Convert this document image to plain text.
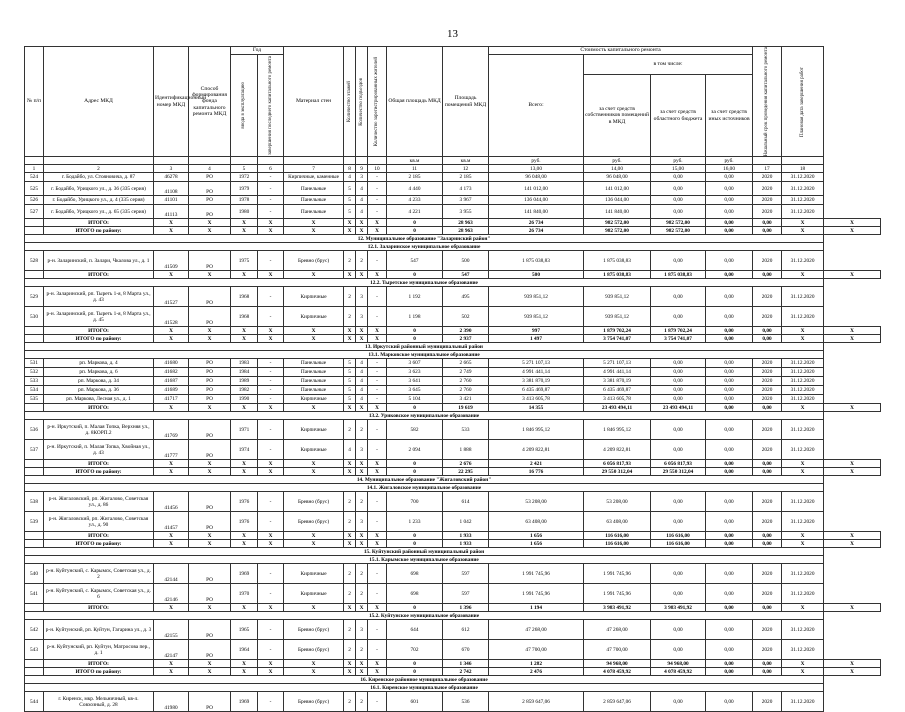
13
№ п/п	Адрес МКД	Идентификационный номер МКД	Способ формирования фонда капитального ремонта МКД	Год		Материал стен	Количество этажей	Количество подъездов	Количество зарегистрированных жителей	Общая площадь МКД	Площадь помещений МКД	Стоимость капитального ремонта				Начальный срок проведения капитального ремонта	Плановая дата завершения работ	

				ввода в эксплуатацию	завершения последнего капитального ремонта							Всего:	в том числе:					
													за счет средств собственников помещений в МКД	за счет средств областного бюджета	за счет средств иных источников			
										кв.м	кв.м	руб.	руб.	руб.	руб.			
1	2	3	4	5	6	7	8	9	10	11	12	13,00	14,00	15,00	16,00	17	18	
524	г. Бодайбо, ул. Стояновича, д. 87	46278	РО	1972	-	Кирпичные, каменные	4	3	-	2 185	2 185	96 048,00	96 048,00	0,00	0,00	2020	31.12.2020	
525	г. Бодайбо, Урицкого ул., д. 36 (335 серия)	41108	РО	1979	-	Панельные	5	4	-	4 440	4 173	141 012,00	141 012,00	0,00	0,00	2020	31.12.2020	
526	г. Бодайбо, Урицкого ул., д. 4 (335 серия)	41101	РО	1978	-	Панельные	5	4	-	4 233	3 967	136 044,00	136 044,00	0,00	0,00	2020	31.12.2020	
527	г. Бодайбо, Урицкого ул., д. 65 (335 серия)	41113	РО	1980	-	Панельные	5	4	-	4 221	3 955	141 840,00	141 840,00	0,00	0,00	2020	31.12.2020	
	ИТОГО:	X	X	X	X	X	X	X	X	0	28 963	26 734	982 572,00	982 572,00	0,00	0,00	X	X
	ИТОГО по району:	X	X	X	X	X	X	X	X	0	28 963	26 734	982 572,00	982 572,00	0,00	0,00	X	X
12. Муниципальное образование "Заларинский район"																		
12.1. Заларинское муниципальное образование																		
528	р-н. Заларинский, п. Залари, Чкалова ул., д. 1	41509	РО	1975	-	Бревно (брус)	2	2	-	547	500	1 875 038,83	1 875 038,83	0,00	0,00	2020	31.12.2020	
	ИТОГО:	X	X	X	X	X	X	X	X	0	547	500	1 875 038,83	1 875 038,83	0,00	0,00	X	X
12.2. Тыретское муниципальное образование																		
529	р-н. Заларинский, рп. Тыреть 1-я, 8 Марта ул., д. 43	41527	РО	1968	-	Кирпичные	2	3	-	1 192	495	939 851,12	939 851,12	0,00	0,00	2020	31.12.2020	
530	р-н. Заларинский, рп. Тыреть 1-я, 8 Марта ул., д. 45	41528	РО	1968	-	Кирпичные	2	3	-	1 198	502	939 851,12	939 851,12	0,00	0,00	2020	31.12.2020	
	ИТОГО:	X	X	X	X	X	X	X	X	0	2 390	997	1 879 702,24	1 879 702,24	0,00	0,00	X	X
	ИТОГО по району:	X	X	X	X	X	X	X	X	0	2 937	1 497	3 754 741,07	3 754 741,07	0,00	0,00	X	X
13. Иркутский районный муниципальный район																		
13.1. Марковское муниципальное образование																		
531	рп. Маркова, д. 4	41680	РО	1983	-	Панельные	5	4	-	3 607	2 665	5 271 107,13	5 271 107,13	0,00	0,00	2020	31.12.2020	
532	рп. Маркова, д. 6	41682	РО	1984	-	Панельные	5	4	-	3 623	2 749	4 991 441,14	4 991 441,14	0,00	0,00	2020	31.12.2020	
533	рп. Маркова, д. 34	41687	РО	1989	-	Панельные	5	4	-	3 641	2 760	3 381 870,19	3 381 870,19	0,00	0,00	2020	31.12.2020	
534	рп. Маркова, д. 36	41689	РО	1982	-	Панельные	5	4	-	3 645	2 760	6 435 469,87	6 435 469,87	0,00	0,00	2020	31.12.2020	
535	рп. Маркова, Лесная ул., д. 1	41717	РО	1990	-	Кирпичные	5	4	-	5 104	3 421	3 413 605,78	3 413 605,78	0,00	0,00	2020	31.12.2020	
	ИТОГО:	X	X	X	X	X	X	X	X	0	19 619	14 355	23 493 494,11	23 493 494,11	0,00	0,00	X	X
13.2. Уриковское муниципальное образование																		
536	р-н. Иркутский, п. Малая Топка, Верхняя ул., д. 8КОРП.2	41769	РО	1971	-	Кирпичные	2	2	-	582	533	1 846 995,12	1 846 995,12	0,00	0,00	2020	31.12.2020	
537	р-н. Иркутский, п. Малая Топка, Хвойная ул., д. 43	41777	РО	1974	-	Кирпичные	4	3	-	2 094	1 888	4 209 822,81	4 209 822,81	0,00	0,00	2020	31.12.2020	
	ИТОГО:	X	X	X	X	X	X	X	X	0	2 676	2 421	6 056 817,93	6 056 817,93	0,00	0,00	X	X
	ИТОГО по району:	X	X	X	X	X	X	X	X	0	22 295	16 776	29 550 312,04	29 550 312,04	0,00	0,00	X	X
14. Муниципальное образование "Жигаловский район"																		
14.1. Жигаловское муниципальное образование																		
538	р-н. Жигаловский, рп. Жигалово, Советская ул., д. 86	41456	РО	1976	-	Бревно (брус)	2	2	-	700	614	53 208,00	53 208,00	0,00	0,00	2020	31.12.2020	
539	р-н. Жигаловский, рп. Жигалово, Советская ул., д. 90	41457	РО	1976	-	Бревно (брус)	2	3	-	1 233	1 042	63 408,00	63 408,00	0,00	0,00	2020	31.12.2020	
	ИТОГО:	X	X	X	X	X	X	X	X	0	1 933	1 656	116 616,00	116 616,00	0,00	0,00	X	X
	ИТОГО по району:	X	X	X	X	X	X	X	X	0	1 933	1 656	116 616,00	116 616,00	0,00	0,00	X	X
15. Куйтунский районный муниципальный район																		
15.1. Карымское муниципальное образование																		
540	р-н. Куйтунский, с. Карымск, Советская ул., д. 2	42144	РО	1969	-	Кирпичные	2	2	-	698	597	1 991 745,96	1 991 745,96	0,00	0,00	2020	31.12.2020	
541	р-н. Куйтунский, с. Карымск, Советская ул., д. 6	42146	РО	1970	-	Кирпичные	2	2	-	698	597	1 991 745,96	1 991 745,96	0,00	0,00	2020	31.12.2020	
	ИТОГО:	X	X	X	X	X	X	X	X	0	1 396	1 194	3 983 491,92	3 983 491,92	0,00	0,00	X	X
15.2. Куйтунское муниципальное образование																		
542	р-н. Куйтунский, рп. Куйтун, Гагарина ул., д. 3	42155	РО	1965	-	Бревно (брус)	2	3	-	644	612	47 268,00	47 268,00	0,00	0,00	2020	31.12.2020	
543	р-н. Куйтунский, рп. Куйтун, Матросова пер., д. 1	42147	РО	1964	-	Бревно (брус)	2	2	-	702	670	47 700,00	47 700,00	0,00	0,00	2020	31.12.2020	
	ИТОГО:	X	X	X	X	X	X	X	X	0	1 346	1 282	94 968,00	94 968,00	0,00	0,00	X	X
	ИТОГО по району:	X	X	X	X	X	X	X	X	0	2 742	2 476	4 078 459,92	4 078 459,92	0,00	0,00	X	X
16. Киренское районное муниципальное образование																		
16.1. Киренское муниципальное образование																		
544	г. Киренск, мкр. Мельничный, кв-л. Совхозный, д. 28	41980	РО	1969	-	Бревно (брус)	2	2	-	601	536	2 859 647,06	2 859 647,06	0,00	0,00	2020	31.12.2020	
